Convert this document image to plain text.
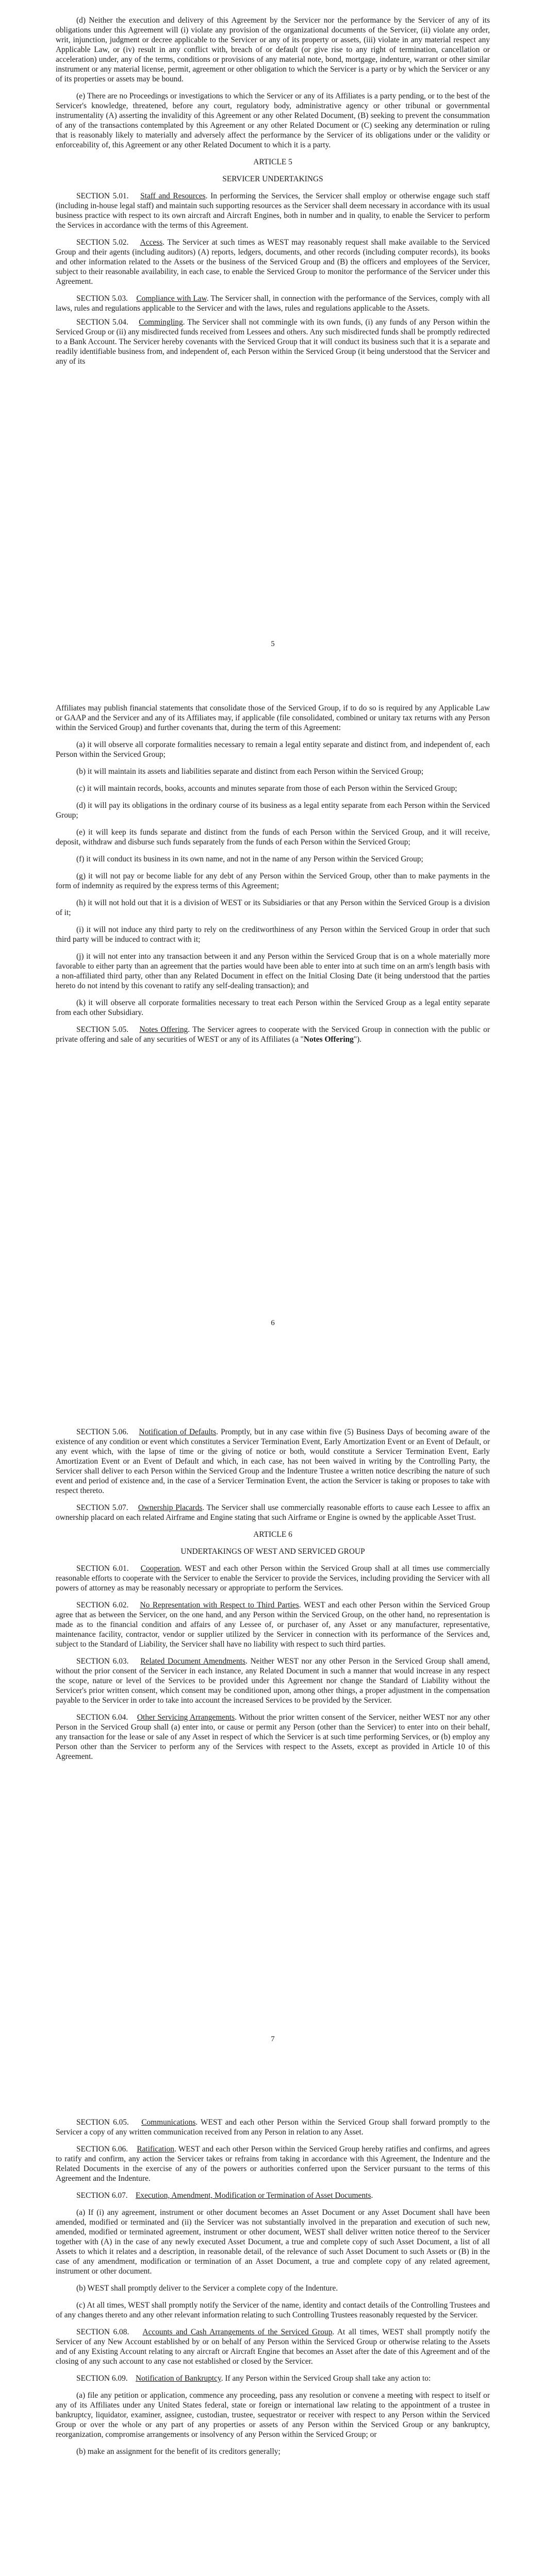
(d) Neither the execution and delivery of this Agreement by the Servicer nor the performance by the Servicer of any of its obligations under this Agreement will (i) violate any provision of the organizational documents of the Servicer, (ii) violate any order, writ, injunction, judgment or decree applicable to the Servicer or any of its property or assets, (iii) violate in any material respect any Applicable Law, or (iv) result in any conflict with, breach of or default (or give rise to any right of termination, cancellation or acceleration) under, any of the terms, conditions or provisions of any material note, bond, mortgage, indenture, warrant or other similar instrument or any material license, permit, agreement or other obligation to which the Servicer is a party or by which the Servicer or any of its properties or assets may be bound.

(e) There are no Proceedings or investigations to which the Servicer or any of its Affiliates is a party pending, or to the best of the Servicer's knowledge, threatened, before any court, regulatory body, administrative agency or other tribunal or governmental instrumentality (A) asserting the invalidity of this Agreement or any other Related Document, (B) seeking to prevent the consummation of any of the transactions contemplated by this Agreement or any other Related Document or (C) seeking any determination or ruling that is reasonably likely to materially and adversely affect the performance by the Servicer of its obligations under or the validity or enforceability of, this Agreement or any other Related Document to which it is a party.

ARTICLE 5

SERVICER UNDERTAKINGS

SECTION 5.01. Staff and Resources. In performing the Services, the Servicer shall employ or otherwise engage such staff (including in-house legal staff) and maintain such supporting resources as the Servicer shall deem necessary in accordance with its usual business practice with respect to its own aircraft and Aircraft Engines, both in number and in quality, to enable the Servicer to perform the Services in accordance with the terms of this Agreement.

SECTION 5.02. Access. The Servicer at such times as WEST may reasonably request shall make available to the Serviced Group and their agents (including auditors) (A) reports, ledgers, documents, and other records (including computer records), its books and other information related to the Assets or the business of the Serviced Group and (B) the officers and employees of the Servicer, subject to their reasonable availability, in each case, to enable the Serviced Group to monitor the performance of the Servicer under this Agreement.

SECTION 5.03. Compliance with Law. The Servicer shall, in connection with the performance of the Services, comply with all laws, rules and regulations applicable to the Servicer and with the laws, rules and regulations applicable to the Assets.

SECTION 5.04. Commingling. The Servicer shall not commingle with its own funds, (i) any funds of any Person within the Serviced Group or (ii) any misdirected funds received from Lessees and others. Any such misdirected funds shall be promptly redirected to a Bank Account. The Servicer hereby covenants with the Serviced Group that it will conduct its business such that it is a separate and readily identifiable business from, and independent of, each Person within the Serviced Group (it being understood that the Servicer and any of its

5

Affiliates may publish financial statements that consolidate those of the Serviced Group, if to do so is required by any Applicable Law or GAAP and the Servicer and any of its Affiliates may, if applicable (file consolidated, combined or unitary tax returns with any Person within the Serviced Group) and further covenants that, during the term of this Agreement:

(a) it will observe all corporate formalities necessary to remain a legal entity separate and distinct from, and independent of, each Person within the Serviced Group;

(b) it will maintain its assets and liabilities separate and distinct from each Person within the Serviced Group;

(c) it will maintain records, books, accounts and minutes separate from those of each Person within the Serviced Group;

(d) it will pay its obligations in the ordinary course of its business as a legal entity separate from each Person within the Serviced Group;

(e) it will keep its funds separate and distinct from the funds of each Person within the Serviced Group, and it will receive, deposit, withdraw and disburse such funds separately from the funds of each Person within the Serviced Group;

(f) it will conduct its business in its own name, and not in the name of any Person within the Serviced Group;

(g) it will not pay or become liable for any debt of any Person within the Serviced Group, other than to make payments in the form of indemnity as required by the express terms of this Agreement;

(h) it will not hold out that it is a division of WEST or its Subsidiaries or that any Person within the Serviced Group is a division of it;

(i) it will not induce any third party to rely on the creditworthiness of any Person within the Serviced Group in order that such third party will be induced to contract with it;

(j) it will not enter into any transaction between it and any Person within the Serviced Group that is on a whole materially more favorable to either party than an agreement that the parties would have been able to enter into at such time on an arm's length basis with a non-affiliated third party, other than any Related Document in effect on the Initial Closing Date (it being understood that the parties hereto do not intend by this covenant to ratify any self-dealing transaction); and

(k) it will observe all corporate formalities necessary to treat each Person within the Serviced Group as a legal entity separate from each other Subsidiary.

SECTION 5.05. Notes Offering. The Servicer agrees to cooperate with the Serviced Group in connection with the public or private offering and sale of any securities of WEST or any of its Affiliates (a "Notes Offering").

6

SECTION 5.06. Notification of Defaults. Promptly, but in any case within five (5) Business Days of becoming aware of the existence of any condition or event which constitutes a Servicer Termination Event, Early Amortization Event or an Event of Default, or any event which, with the lapse of time or the giving of notice or both, would constitute a Servicer Termination Event, Early Amortization Event or an Event of Default and which, in each case, has not been waived in writing by the Controlling Party, the Servicer shall deliver to each Person within the Serviced Group and the Indenture Trustee a written notice describing the nature of such event and period of existence and, in the case of a Servicer Termination Event, the action the Servicer is taking or proposes to take with respect thereto.

SECTION 5.07. Ownership Placards. The Servicer shall use commercially reasonable efforts to cause each Lessee to affix an ownership placard on each related Airframe and Engine stating that such Airframe or Engine is owned by the applicable Asset Trust.

ARTICLE 6

UNDERTAKINGS OF WEST AND SERVICED GROUP

SECTION 6.01. Cooperation. WEST and each other Person within the Serviced Group shall at all times use commercially reasonable efforts to cooperate with the Servicer to enable the Servicer to provide the Services, including providing the Servicer with all powers of attorney as may be reasonably necessary or appropriate to perform the Services.

SECTION 6.02. No Representation with Respect to Third Parties. WEST and each other Person within the Serviced Group agree that as between the Servicer, on the one hand, and any Person within the Serviced Group, on the other hand, no representation is made as to the financial condition and affairs of any Lessee of, or purchaser of, any Asset or any manufacturer, representative, maintenance facility, contractor, vendor or supplier utilized by the Servicer in connection with its performance of the Services and, subject to the Standard of Liability, the Servicer shall have no liability with respect to such third parties.

SECTION 6.03. Related Document Amendments. Neither WEST nor any other Person in the Serviced Group shall amend, without the prior consent of the Servicer in each instance, any Related Document in such a manner that would increase in any respect the scope, nature or level of the Services to be provided under this Agreement nor change the Standard of Liability without the Servicer's prior written consent, which consent may be conditioned upon, among other things, a proper adjustment in the compensation payable to the Servicer in order to take into account the increased Services to be provided by the Servicer.

SECTION 6.04. Other Servicing Arrangements. Without the prior written consent of the Servicer, neither WEST nor any other Person in the Serviced Group shall (a) enter into, or cause or permit any Person (other than the Servicer) to enter into on their behalf, any transaction for the lease or sale of any Asset in respect of which the Servicer is at such time performing Services, or (b) employ any Person other than the Servicer to perform any of the Services with respect to the Assets, except as provided in Article 10 of this Agreement.

7

SECTION 6.05. Communications. WEST and each other Person within the Serviced Group shall forward promptly to the Servicer a copy of any written communication received from any Person in relation to any Asset.

SECTION 6.06. Ratification. WEST and each other Person within the Serviced Group hereby ratifies and confirms, and agrees to ratify and confirm, any action the Servicer takes or refrains from taking in accordance with this Agreement, the Indenture and the Related Documents in the exercise of any of the powers or authorities conferred upon the Servicer pursuant to the terms of this Agreement and the Indenture.

SECTION 6.07. Execution, Amendment, Modification or Termination of Asset Documents.

(a) If (i) any agreement, instrument or other document becomes an Asset Document or any Asset Document shall have been amended, modified or terminated and (ii) the Servicer was not substantially involved in the preparation and execution of such new, amended, modified or terminated agreement, instrument or other document, WEST shall deliver written notice thereof to the Servicer together with (A) in the case of any newly executed Asset Document, a true and complete copy of such Asset Document, a list of all Assets to which it relates and a description, in reasonable detail, of the relevance of such Asset Document to such Assets or (B) in the case of any amendment, modification or termination of an Asset Document, a true and complete copy of any related agreement, instrument or other document.

(b) WEST shall promptly deliver to the Servicer a complete copy of the Indenture.

(c) At all times, WEST shall promptly notify the Servicer of the name, identity and contact details of the Controlling Trustees and of any changes thereto and any other relevant information relating to such Controlling Trustees reasonably requested by the Servicer.

SECTION 6.08. Accounts and Cash Arrangements of the Serviced Group. At all times, WEST shall promptly notify the Servicer of any New Account established by or on behalf of any Person within the Serviced Group or otherwise relating to the Assets and of any Existing Account relating to any aircraft or Aircraft Engine that becomes an Asset after the date of this Agreement and of the closing of any such account to any case not established or closed by the Servicer.

SECTION 6.09. Notification of Bankruptcy. If any Person within the Serviced Group shall take any action to:

(a) file any petition or application, commence any proceeding, pass any resolution or convene a meeting with respect to itself or any of its Affiliates under any United States federal, state or foreign or international law relating to the appointment of a trustee in bankruptcy, liquidator, examiner, assignee, custodian, trustee, sequestrator or receiver with respect to any Person within the Serviced Group or over the whole or any part of any properties or assets of any Person within the Serviced Group or any bankruptcy, reorganization, compromise arrangements or insolvency of any Person within the Serviced Group; or

(b) make an assignment for the benefit of its creditors generally;
